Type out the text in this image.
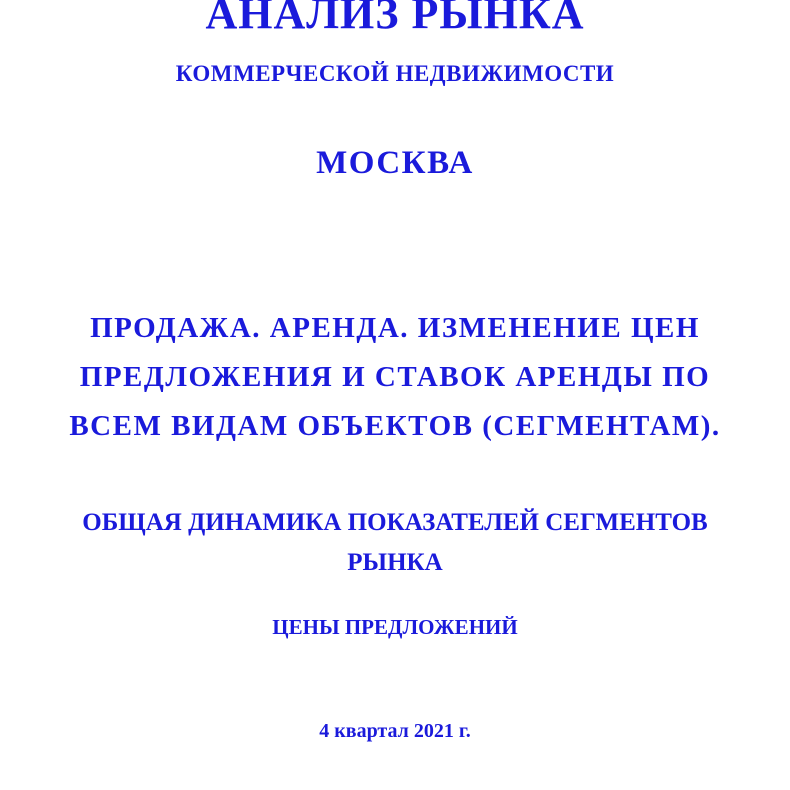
АНАЛИЗ РЫНКА

КОММЕРЧЕСКОЙ НЕДВИЖИМОСТИ

МОСКВА

ПРОДАЖА. АРЕНДА. ИЗМЕНЕНИЕ ЦЕН

ПРЕДЛОЖЕНИЯ И СТАВОК АРЕНДЫ ПО

ВСЕМ ВИДАМ ОБЪЕКТОВ (СЕГМЕНТАМ).

ОБЩАЯ ДИНАМИКА ПОКАЗАТЕЛЕЙ СЕГМЕНТОВ

РЫНКА

ЦЕНЫ ПРЕДЛОЖЕНИЙ

4 квартал 2021 г.
